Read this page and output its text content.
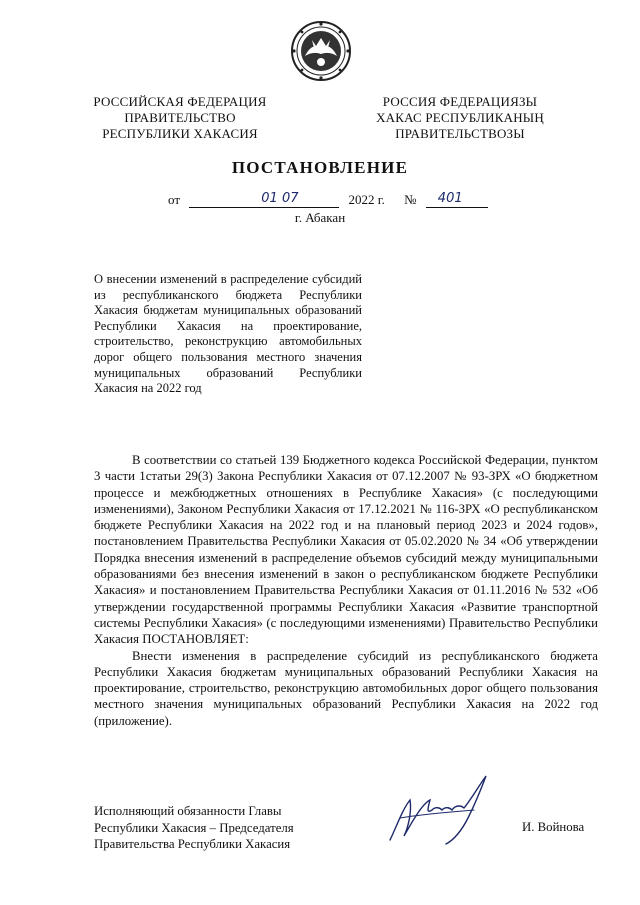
РОССИЙСКАЯ ФЕДЕРАЦИЯ
ПРАВИТЕЛЬСТВО
РЕСПУБЛИКИ ХАКАСИЯ
РОССИЯ ФЕДЕРАЦИЯЗЫ
ХАКАС РЕСПУБЛИКАНЫҢ
ПРАВИТЕЛЬСТВОЗЫ
ПОСТАНОВЛЕНИЕ
от	01 07	2022 г. № 401
г. Абакан

О внесении изменений в распределение субсидий из республиканского бюджета Республики Хакасия бюджетам муниципальных образований Республики Хакасия на проектирование, строительство, реконструкцию автомобильных дорог общего пользования местного значения муниципальных образований Республики Хакасия на 2022 год

В соответствии со статьей 139 Бюджетного кодекса Российской Федерации, пунктом 3 части 1статьи 29(3) Закона Республики Хакасия от 07.12.2007 № 93-ЗРХ «О бюджетном процессе и межбюджетных отношениях в Республике Хакасия» (с последующими изменениями), Законом Республики Хакасия от 17.12.2021 № 116-ЗРХ «О республиканском бюджете Республики Хакасия на 2022 год и на плановый период 2023 и 2024 годов», постановлением Правительства Республики Хакасия от 05.02.2020 № 34 «Об утверждении Порядка внесения изменений в распределение объемов субсидий между муниципальными образованиями без внесения изменений в закон о республиканском бюджете Республики Хакасия» и постановлением Правительства Республики Хакасия от 01.11.2016 № 532 «Об утверждении государственной программы Республики Хакасия «Развитие транспортной системы Республики Хакасия» (с последующими изменениями) Правительство Республики Хакасия ПОСТАНОВЛЯЕТ:

Внести изменения в распределение субсидий из республиканского бюджета Республики Хакасия бюджетам муниципальных образований Республики Хакасия на проектирование, строительство, реконструкцию автомобильных дорог общего пользования местного значения муниципальных образований Республики Хакасия на 2022 год (приложение).

Исполняющий обязанности Главы
Республики Хакасия – Председателя
Правительства Республики Хакасия
И. Войнова
